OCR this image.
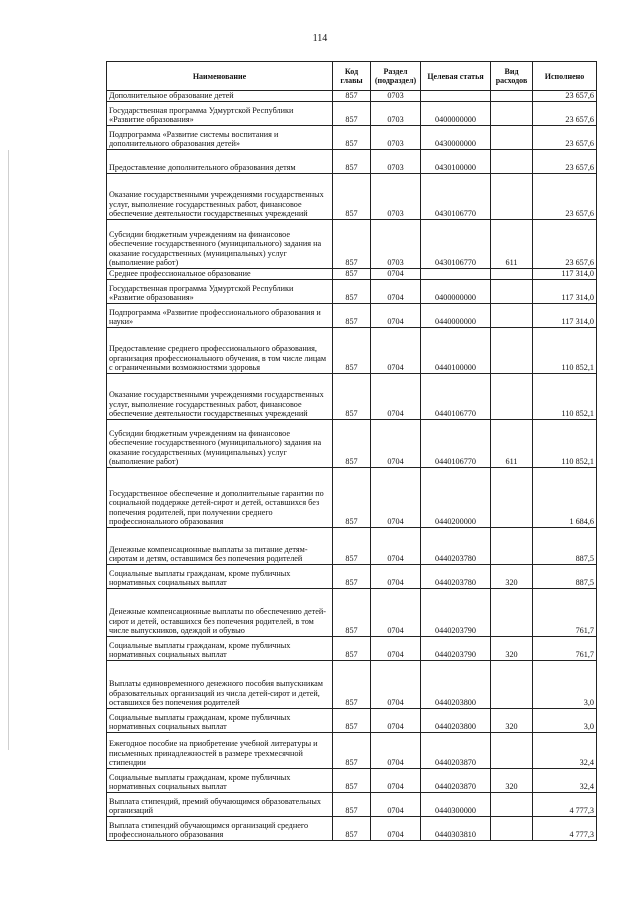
114
Наименование	Код главы	Раздел (подраздел)	Целевая статья	Вид расходов	Исполнено
Дополнительное образование детей	857	0703			23 657,6
Государственная программа Удмуртской Республики «Развитие образования»	857	0703	0400000000		23 657,6
Подпрограмма «Развитие системы воспитания и дополнительного образования детей»	857	0703	0430000000		23 657,6
Предоставление дополнительного образования детям	857	0703	0430100000		23 657,6
Оказание государственными учреждениями государственных услуг, выполнение государственных работ, финансовое обеспечение деятельности государственных учреждений	857	0703	0430106770		23 657,6
Субсидии бюджетным учреждениям на финансовое обеспечение государственного (муниципального) задания на оказание государственных (муниципальных) услуг (выполнение работ)	857	0703	0430106770	611	23 657,6
Среднее профессиональное образование	857	0704			117 314,0
Государственная программа Удмуртской Республики «Развитие образования»	857	0704	0400000000		117 314,0
Подпрограмма «Развитие профессионального образования и науки»	857	0704	0440000000		117 314,0
Предоставление среднего профессионального образования, организация профессионального обучения, в том числе лицам с ограниченными возможностями здоровья	857	0704	0440100000		110 852,1
Оказание государственными учреждениями государственных услуг, выполнение государственных работ, финансовое обеспечение деятельности государственных учреждений	857	0704	0440106770		110 852,1
Субсидии бюджетным учреждениям на финансовое обеспечение государственного (муниципального) задания на оказание государственных (муниципальных) услуг (выполнение работ)	857	0704	0440106770	611	110 852,1
Государственное обеспечение и дополнительные гарантии по социальной поддержке детей-сирот и детей, оставшихся без попечения родителей, при получении среднего профессионального образования	857	0704	0440200000		1 684,6
Денежные компенсационные выплаты за питание детям-сиротам и детям, оставшимся без попечения родителей	857	0704	0440203780		887,5
Социальные выплаты гражданам, кроме публичных нормативных социальных выплат	857	0704	0440203780	320	887,5
Денежные компенсационные выплаты по обеспечению детей-сирот и детей, оставшихся без попечения родителей, в том числе выпускников, одеждой и обувью	857	0704	0440203790		761,7
Социальные выплаты гражданам, кроме публичных нормативных социальных выплат	857	0704	0440203790	320	761,7
Выплаты единовременного денежного пособия выпускникам образовательных организаций из числа детей-сирот и детей, оставшихся без попечения родителей	857	0704	0440203800		3,0
Социальные выплаты гражданам, кроме публичных нормативных социальных выплат	857	0704	0440203800	320	3,0
Ежегодное пособие на приобретение учебной литературы и письменных принадлежностей в размере трехмесячной стипендии	857	0704	0440203870		32,4
Социальные выплаты гражданам, кроме публичных нормативных социальных выплат	857	0704	0440203870	320	32,4
Выплата стипендий, премий обучающимся образовательных организаций	857	0704	0440300000		4 777,3
Выплата стипендий обучающимся организаций среднего профессионального образования	857	0704	0440303810		4 777,3
